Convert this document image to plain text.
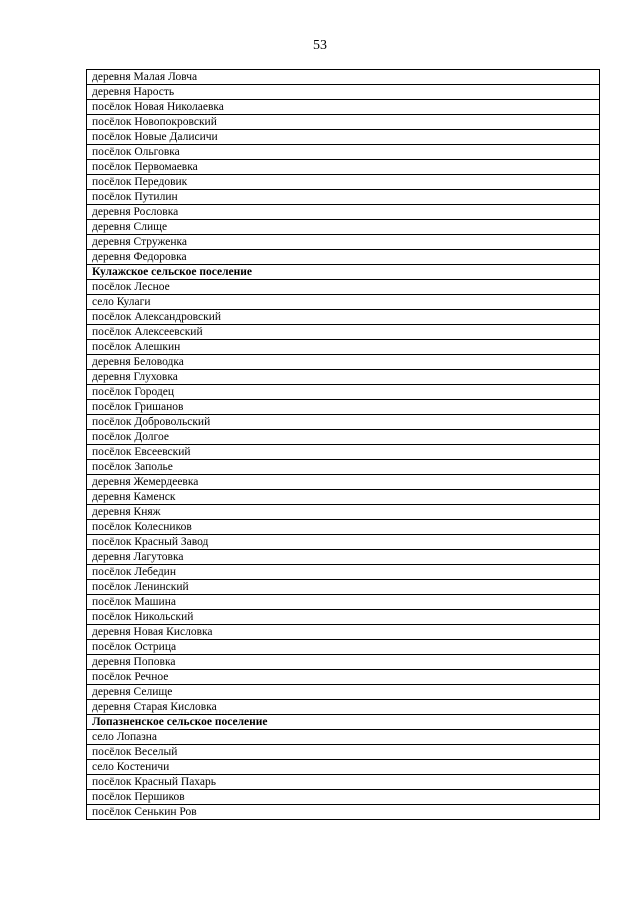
53
деревня Малая Ловча
деревня Нарость
посёлок Новая Николаевка
посёлок Новопокровский
посёлок Новые Далисичи
посёлок Ольговка
посёлок Первомаевка
посёлок Передовик
посёлок Путилин
деревня Рословка
деревня Слище
деревня Струженка
деревня Федоровка
Кулажское сельское поселение
посёлок Лесное
село Кулаги
посёлок Александровский
посёлок Алексеевский
посёлок Алешкин
деревня Беловодка
деревня Глуховка
посёлок Городец
посёлок Гришанов
посёлок Добровольский
посёлок Долгое
посёлок Евсеевский
посёлок Заполье
деревня Жемердеевка
деревня Каменск
деревня Княж
посёлок Колесников
посёлок Красный Завод
деревня Лагутовка
посёлок Лебедин
посёлок Ленинский
посёлок Машина
посёлок Никольский
деревня Новая Кисловка
посёлок Острица
деревня Поповка
посёлок Речное
деревня Селище
деревня Старая Кисловка
Лопазненское сельское поселение
село Лопазна
посёлок Веселый
село Костеничи
посёлок Красный Пахарь
посёлок Першиков
посёлок Сенькин Ров
